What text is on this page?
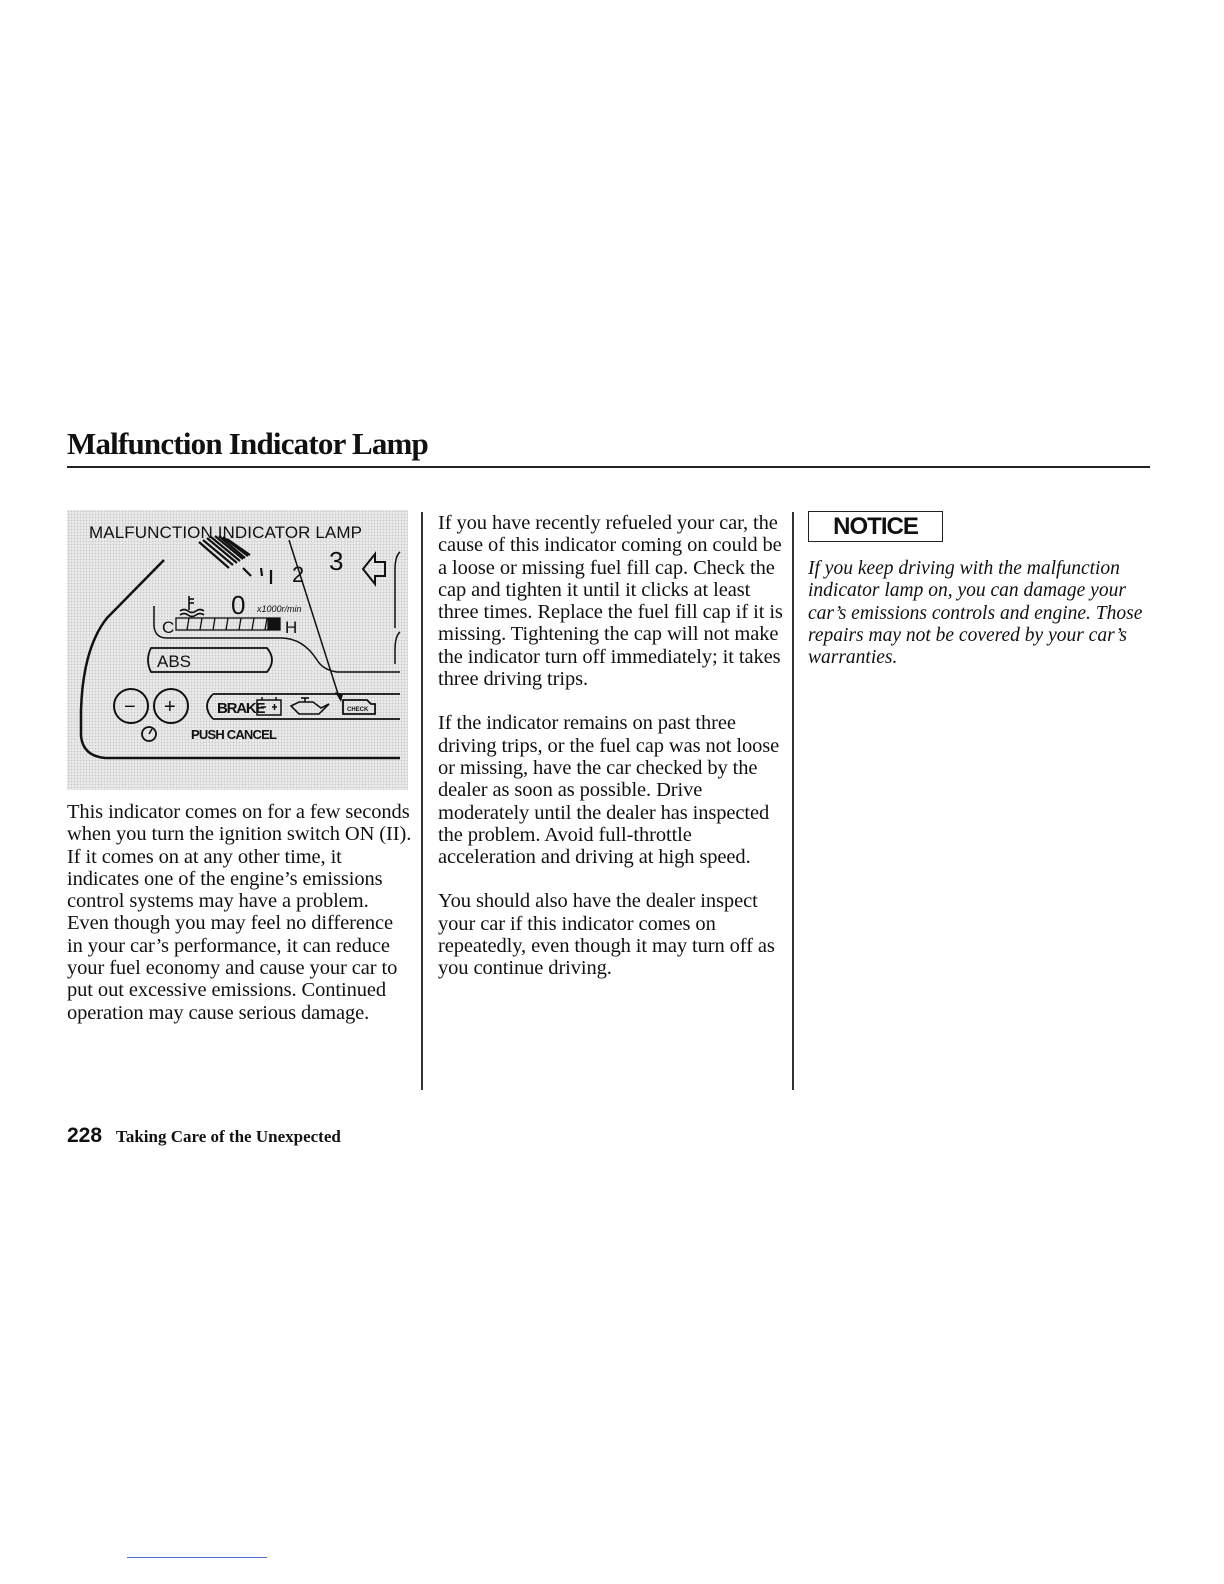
Malfunction Indicator Lamp
3
2
0 x1000r/min
C	H
ABS
− +	BRAKE	CHECK
PUSH CANCEL
MALFUNCTION INDICATOR LAMP

This indicator comes on for a few seconds when you turn the ignition switch ON (II). If it comes on at any other time, it indicates one of the engine’s emissions control systems may have a problem. Even though you may feel no difference in your car’s performance, it can reduce your fuel economy and cause your car to put out excessive emissions. Continued operation may cause serious damage.

If you have recently refueled your car, the cause of this indicator coming on could be a loose or missing fuel fill cap. Check the cap and tighten it until it clicks at least three times. Replace the fuel fill cap if it is missing. Tightening the cap will not make the indicator turn off immediately; it takes three driving trips.

If the indicator remains on past three driving trips, or the fuel cap was not loose or missing, have the car checked by the dealer as soon as possible. Drive moderately until the dealer has inspected the problem. Avoid full-throttle acceleration and driving at high speed.

You should also have the dealer inspect your car if this indicator comes on repeatedly, even though it may turn off as you continue driving.

NOTICE
If you keep driving with the malfunction indicator lamp on, you can damage your car’s emissions controls and engine. Those repairs may not be covered by your car’s warranties.
228 Taking Care of the Unexpected
